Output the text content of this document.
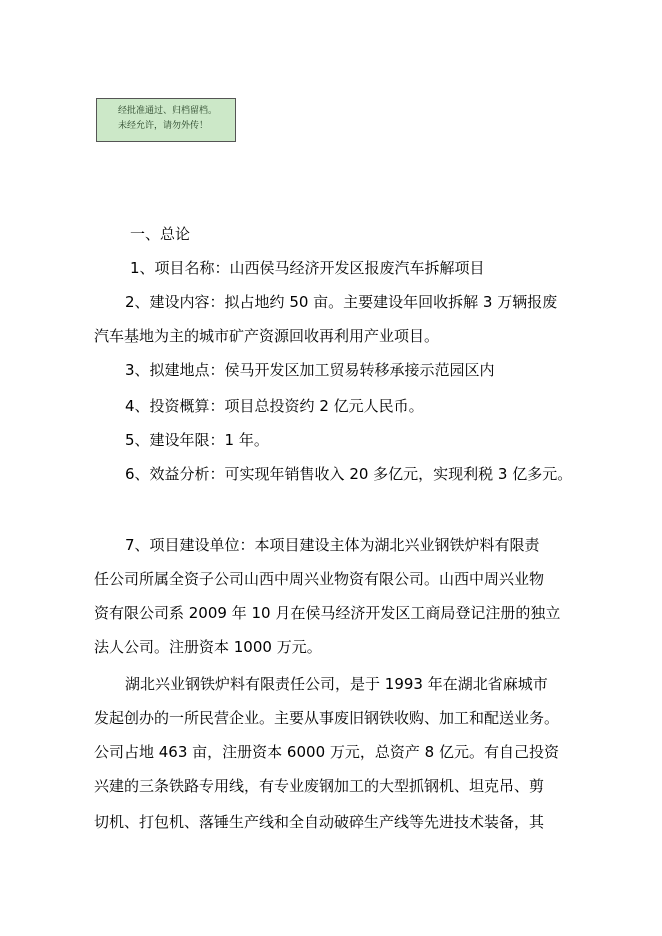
经批准通过、归档留档。
未经允许，请勿外传！
一、总论
1、项目名称：山西侯马经济开发区报废汽车拆解项目
2、建设内容：拟占地约 50 亩。主要建设年回收拆解 3 万辆报废
汽车基地为主的城市矿产资源回收再利用产业项目。
3、拟建地点：侯马开发区加工贸易转移承接示范园区内
4、投资概算：项目总投资约 2 亿元人民币。
5、建设年限：1 年。
6、效益分析：可实现年销售收入 20 多亿元，实现利税 3 亿多元。
7、项目建设单位：本项目建设主体为湖北兴业钢铁炉料有限责
任公司所属全资子公司山西中周兴业物资有限公司。山西中周兴业物
资有限公司系 2009 年 10 月在侯马经济开发区工商局登记注册的独立
法人公司。注册资本 1000 万元。
湖北兴业钢铁炉料有限责任公司，是于 1993 年在湖北省麻城市
发起创办的一所民营企业。主要从事废旧钢铁收购、加工和配送业务。
公司占地 463 亩，注册资本 6000 万元，总资产 8 亿元。有自己投资
兴建的三条铁路专用线，有专业废钢加工的大型抓钢机、坦克吊、剪
切机、打包机、落锤生产线和全自动破碎生产线等先进技术装备，其
